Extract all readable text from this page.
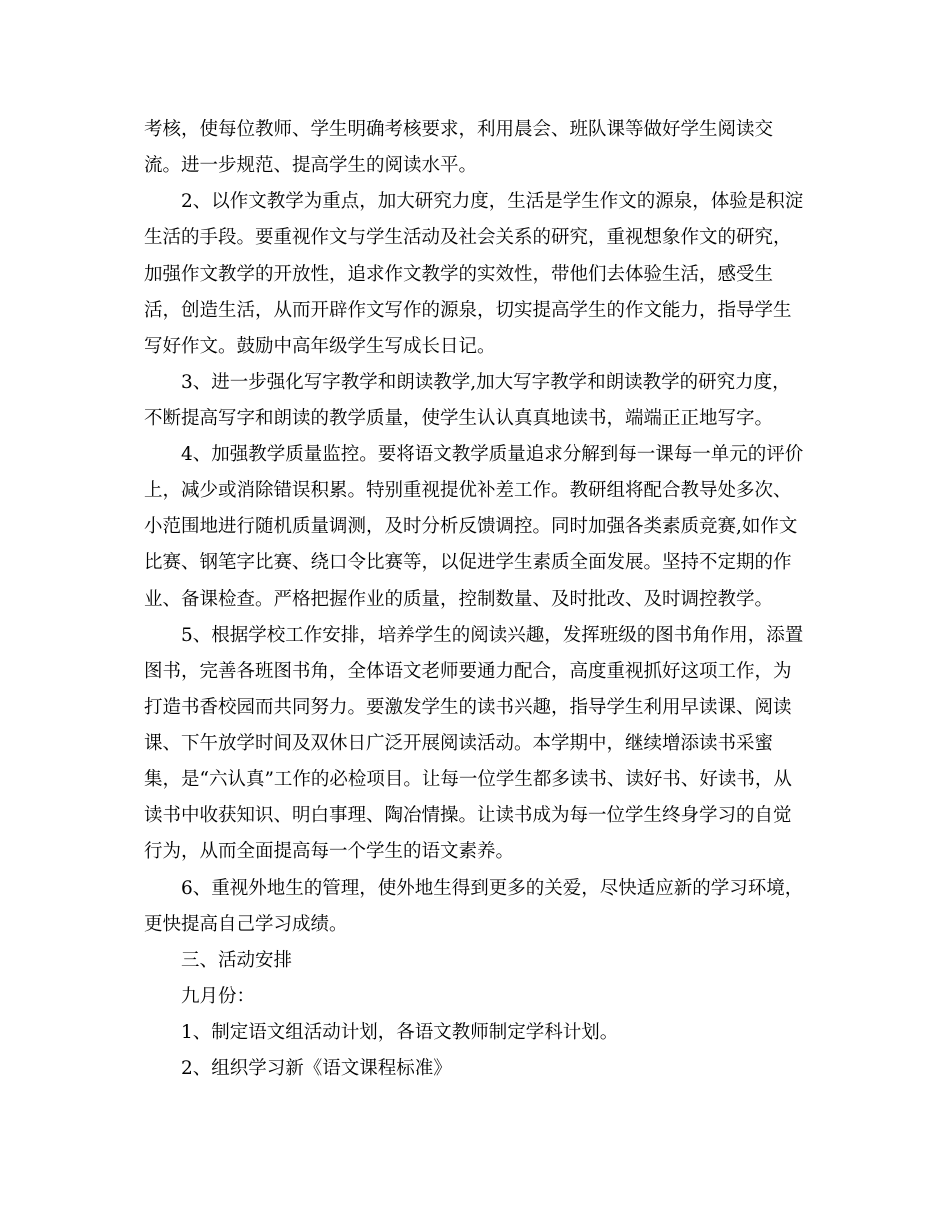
考核，使每位教师、学生明确考核要求，利用晨会、班队课等做好学生阅读交

流。进一步规范、提高学生的阅读水平。

2、以作文教学为重点，加大研究力度，生活是学生作文的源泉，体验是积淀

生活的手段。要重视作文与学生活动及社会关系的研究，重视想象作文的研究，

加强作文教学的开放性，追求作文教学的实效性，带他们去体验生活，感受生

活，创造生活，从而开辟作文写作的源泉，切实提高学生的作文能力，指导学生

写好作文。鼓励中高年级学生写成长日记。

3、进一步强化写字教学和朗读教学,加大写字教学和朗读教学的研究力度，

不断提高写字和朗读的教学质量，使学生认认真真地读书，端端正正地写字。

4、加强教学质量监控。要将语文教学质量追求分解到每一课每一单元的评价

上，减少或消除错误积累。特别重视提优补差工作。教研组将配合教导处多次、

小范围地进行随机质量调测，及时分析反馈调控。同时加强各类素质竞赛,如作文

比赛、钢笔字比赛、绕口令比赛等，以促进学生素质全面发展。坚持不定期的作

业、备课检查。严格把握作业的质量，控制数量、及时批改、及时调控教学。

5、根据学校工作安排，培养学生的阅读兴趣，发挥班级的图书角作用，添置

图书，完善各班图书角，全体语文老师要通力配合，高度重视抓好这项工作，为

打造书香校园而共同努力。要激发学生的读书兴趣，指导学生利用早读课、阅读

课、下午放学时间及双休日广泛开展阅读活动。本学期中，继续增添读书采蜜

集，是“六认真”工作的必检项目。让每一位学生都多读书、读好书、好读书，从

读书中收获知识、明白事理、陶冶情操。让读书成为每一位学生终身学习的自觉

行为，从而全面提高每一个学生的语文素养。

6、重视外地生的管理，使外地生得到更多的关爱，尽快适应新的学习环境，

更快提高自己学习成绩。

三、活动安排

九月份：

1、制定语文组活动计划，各语文教师制定学科计划。

2、组织学习新《语文课程标准》
